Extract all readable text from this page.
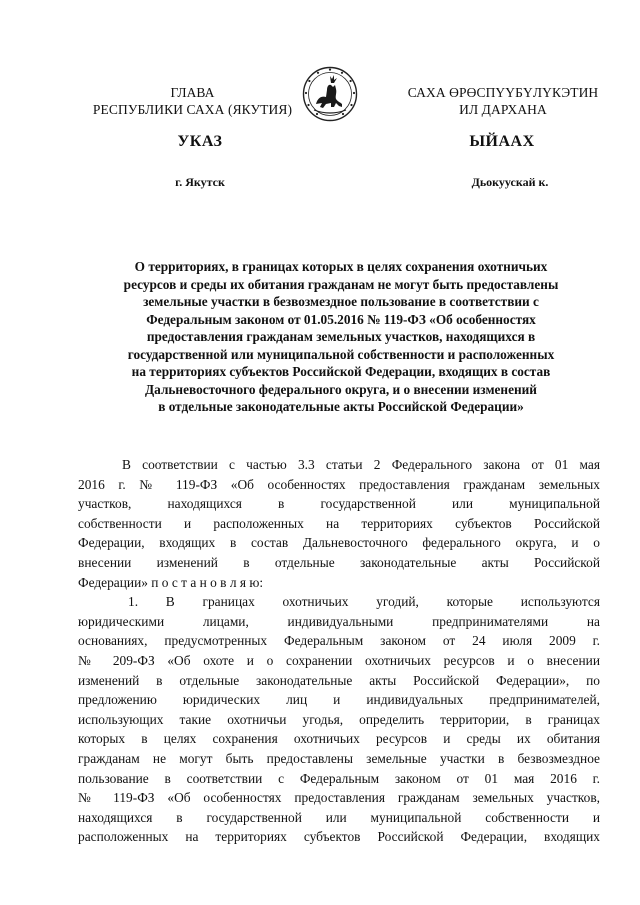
ГЛАВА
РЕСПУБЛИКИ САХА (ЯКУТИЯ)
САХА ӨРӨСПҮҮБҮЛҮКЭТИН
ИЛ ДАРХАНА
УКАЗ	ЫЙААХ
г. Якутск	Дьокуускай к.
О территориях, в границах которых в целях сохранения охотничьих
ресурсов и среды их обитания гражданам не могут быть предоставлены
земельные участки в безвозмездное пользование в соответствии с
Федеральным законом от 01.05.2016 № 119-ФЗ «Об особенностях
предоставления гражданам земельных участков, находящихся в
государственной или муниципальной собственности и расположенных
на территориях субъектов Российской Федерации, входящих в состав
Дальневосточного федерального округа, и о внесении изменений
в отдельные законодательные акты Российской Федерации»
В соответствии с частью 3.3 статьи 2 Федерального закона от 01 мая
2016 г. № 119-ФЗ «Об особенностях предоставления гражданам земельных
участков, находящихся в государственной или муниципальной
собственности и расположенных на территориях субъектов Российской
Федерации, входящих в состав Дальневосточного федерального округа, и о
внесении изменений в отдельные законодательные акты Российской
Федерации» п о с т а н о в л я ю:
1. В границах охотничьих угодий, которые используются
юридическими лицами, индивидуальными предпринимателями на
основаниях, предусмотренных Федеральным законом от 24 июля 2009 г.
№ 209-ФЗ «Об охоте и о сохранении охотничьих ресурсов и о внесении
изменений в отдельные законодательные акты Российской Федерации», по
предложению юридических лиц и индивидуальных предпринимателей,
использующих такие охотничьи угодья, определить территории, в границах
которых в целях сохранения охотничьих ресурсов и среды их обитания
гражданам не могут быть предоставлены земельные участки в безвозмездное
пользование в соответствии с Федеральным законом от 01 мая 2016 г.
№ 119-ФЗ «Об особенностях предоставления гражданам земельных участков,
находящихся в государственной или муниципальной собственности и
расположенных на территориях субъектов Российской Федерации, входящих
